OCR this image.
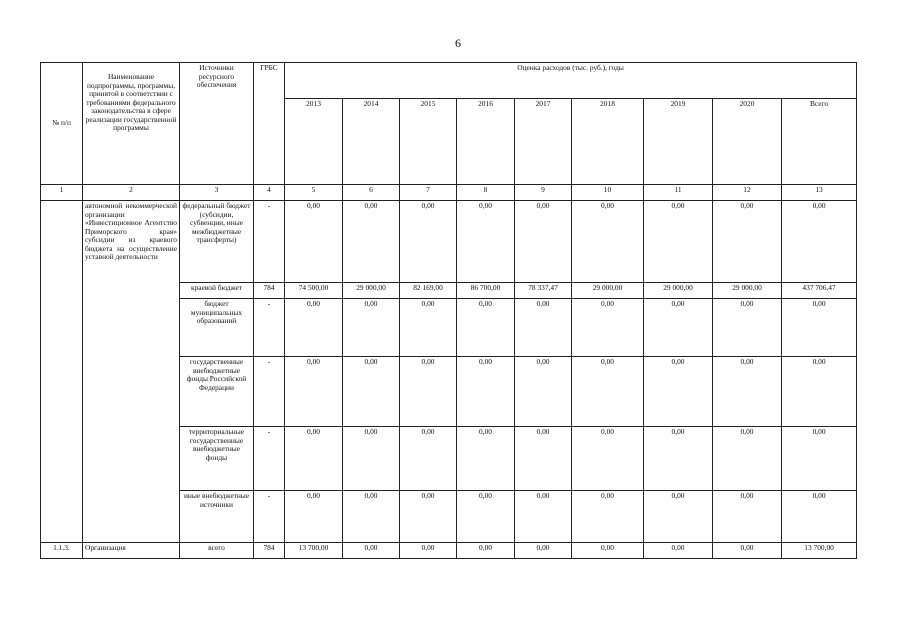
6
№ п/п	Наименование подпрограммы, программы, принятой в соответствии с требованиями федерального законодательства в сфере реализации государственной программы	Источники ресурсного обеспечения	ГРБС	Оценка расходов (тыс. руб.), годы								
				2013	2014	2015	2016	2017	2018	2019	2020	Всего
1	2	3	4	5	6	7	8	9	10	11	12	13
	автономной некоммерческой организации «Инвестиционное Агентство Приморского края» субсидии из краевого бюджета на осуществление уставной деятельности	федеральный бюджет (субсидии, субвенции, иные межбюджетные трансферты)	-	0,00	0,00	0,00	0,00	0,00	0,00	0,00	0,00	0,00
		краевой бюджет	784	74 500,00	29 000,00	82 169,00	86 700,00	78 337,47	29 000,00	29 000,00	29 000,00	437 706,47
		бюджет муниципальных образований	-	0,00	0,00	0,00	0,00	0,00	0,00	0,00	0,00	0,00
		государственные внебюджетные фонды Российской Федерации	-	0,00	0,00	0,00	0,00	0,00	0,00	0,00	0,00	0,00
		территориальные государственные внебюджетные фонды	-	0,00	0,00	0,00	0,00	0,00	0,00	0,00	0,00	0,00
		иные внебюджетные источники	-	0,00	0,00	0,00	0,00	0,00	0,00	0,00	0,00	0,00
1.1.3.	Организация	всего	784	13 700,00	0,00	0,00	0,00	0,00	0,00	0,00	0,00	13 700,00
